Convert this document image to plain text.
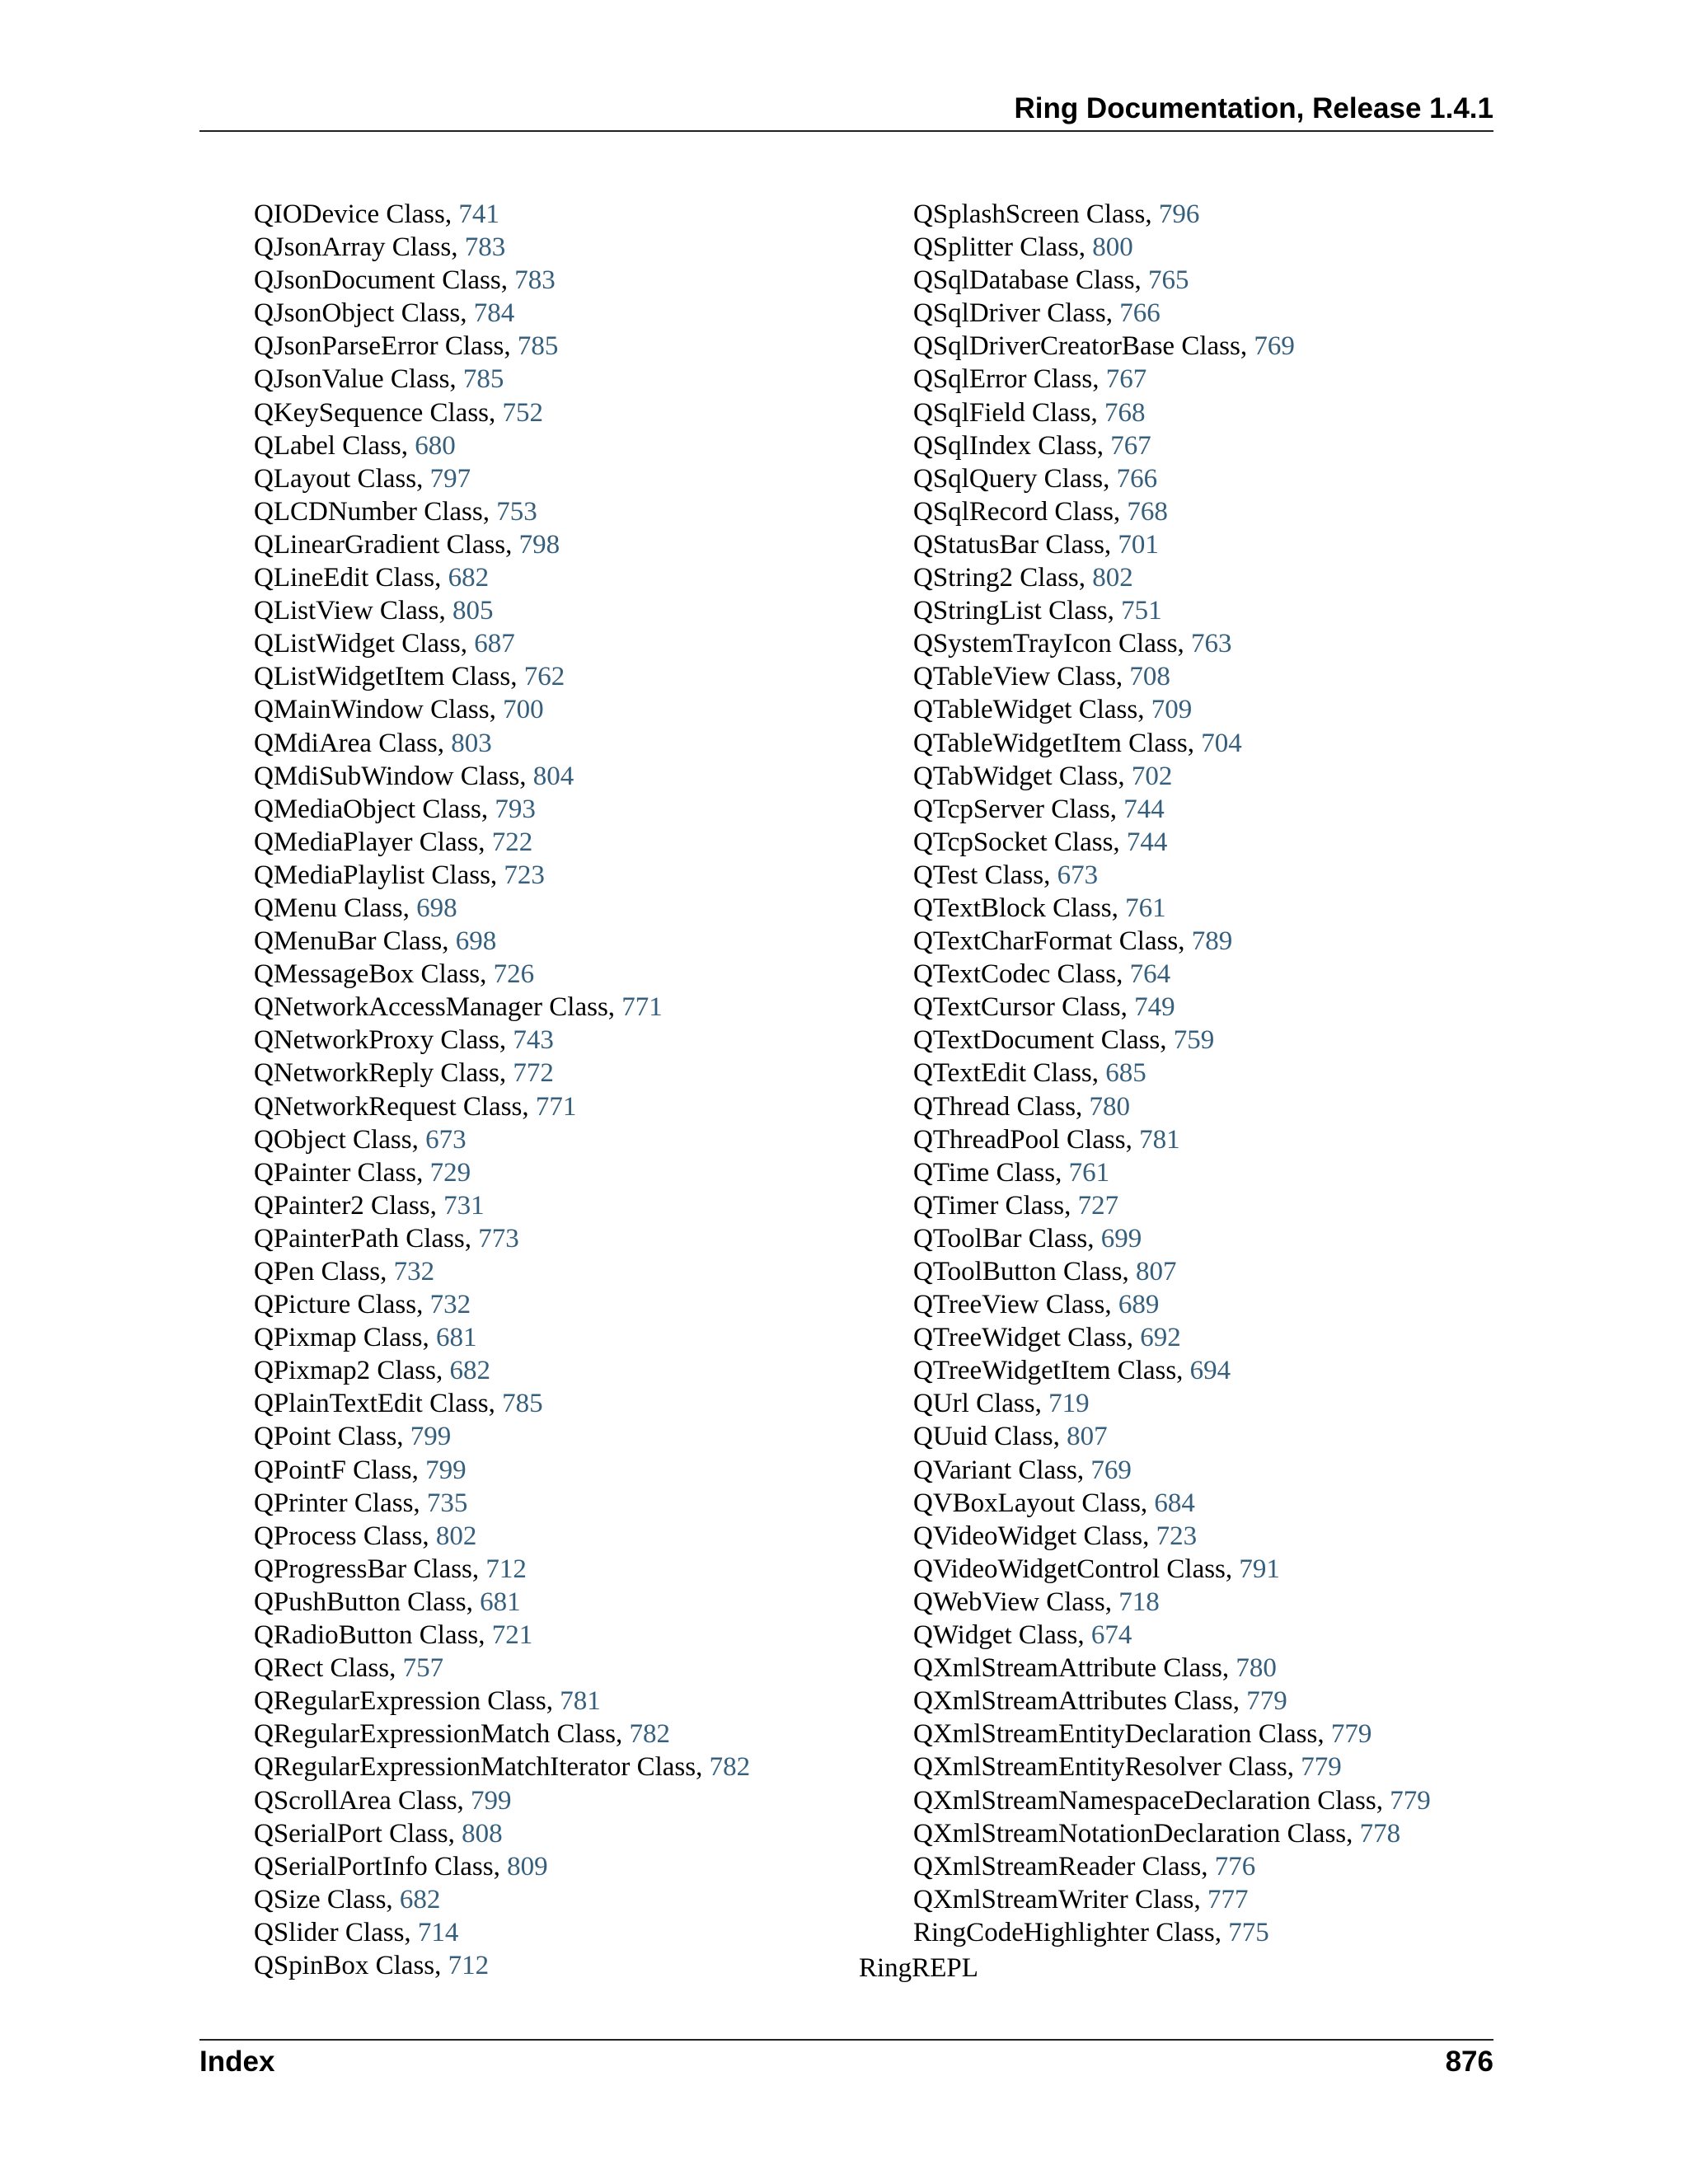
Ring Documentation, Release 1.4.1
QIODevice Class, 741
QJsonArray Class, 783
QJsonDocument Class, 783
QJsonObject Class, 784
QJsonParseError Class, 785
QJsonValue Class, 785
QKeySequence Class, 752
QLabel Class, 680
QLayout Class, 797
QLCDNumber Class, 753
QLinearGradient Class, 798
QLineEdit Class, 682
QListView Class, 805
QListWidget Class, 687
QListWidgetItem Class, 762
QMainWindow Class, 700
QMdiArea Class, 803
QMdiSubWindow Class, 804
QMediaObject Class, 793
QMediaPlayer Class, 722
QMediaPlaylist Class, 723
QMenu Class, 698
QMenuBar Class, 698
QMessageBox Class, 726
QNetworkAccessManager Class, 771
QNetworkProxy Class, 743
QNetworkReply Class, 772
QNetworkRequest Class, 771
QObject Class, 673
QPainter Class, 729
QPainter2 Class, 731
QPainterPath Class, 773
QPen Class, 732
QPicture Class, 732
QPixmap Class, 681
QPixmap2 Class, 682
QPlainTextEdit Class, 785
QPoint Class, 799
QPointF Class, 799
QPrinter Class, 735
QProcess Class, 802
QProgressBar Class, 712
QPushButton Class, 681
QRadioButton Class, 721
QRect Class, 757
QRegularExpression Class, 781
QRegularExpressionMatch Class, 782
QRegularExpressionMatchIterator Class, 782
QScrollArea Class, 799
QSerialPort Class, 808
QSerialPortInfo Class, 809
QSize Class, 682
QSlider Class, 714
QSpinBox Class, 712
QSplashScreen Class, 796
QSplitter Class, 800
QSqlDatabase Class, 765
QSqlDriver Class, 766
QSqlDriverCreatorBase Class, 769
QSqlError Class, 767
QSqlField Class, 768
QSqlIndex Class, 767
QSqlQuery Class, 766
QSqlRecord Class, 768
QStatusBar Class, 701
QString2 Class, 802
QStringList Class, 751
QSystemTrayIcon Class, 763
QTableView Class, 708
QTableWidget Class, 709
QTableWidgetItem Class, 704
QTabWidget Class, 702
QTcpServer Class, 744
QTcpSocket Class, 744
QTest Class, 673
QTextBlock Class, 761
QTextCharFormat Class, 789
QTextCodec Class, 764
QTextCursor Class, 749
QTextDocument Class, 759
QTextEdit Class, 685
QThread Class, 780
QThreadPool Class, 781
QTime Class, 761
QTimer Class, 727
QToolBar Class, 699
QToolButton Class, 807
QTreeView Class, 689
QTreeWidget Class, 692
QTreeWidgetItem Class, 694
QUrl Class, 719
QUuid Class, 807
QVariant Class, 769
QVBoxLayout Class, 684
QVideoWidget Class, 723
QVideoWidgetControl Class, 791
QWebView Class, 718
QWidget Class, 674
QXmlStreamAttribute Class, 780
QXmlStreamAttributes Class, 779
QXmlStreamEntityDeclaration Class, 779
QXmlStreamEntityResolver Class, 779
QXmlStreamNamespaceDeclaration Class, 779
QXmlStreamNotationDeclaration Class, 778
QXmlStreamReader Class, 776
QXmlStreamWriter Class, 777
RingCodeHighlighter Class, 775
RingREPL
Index	876
